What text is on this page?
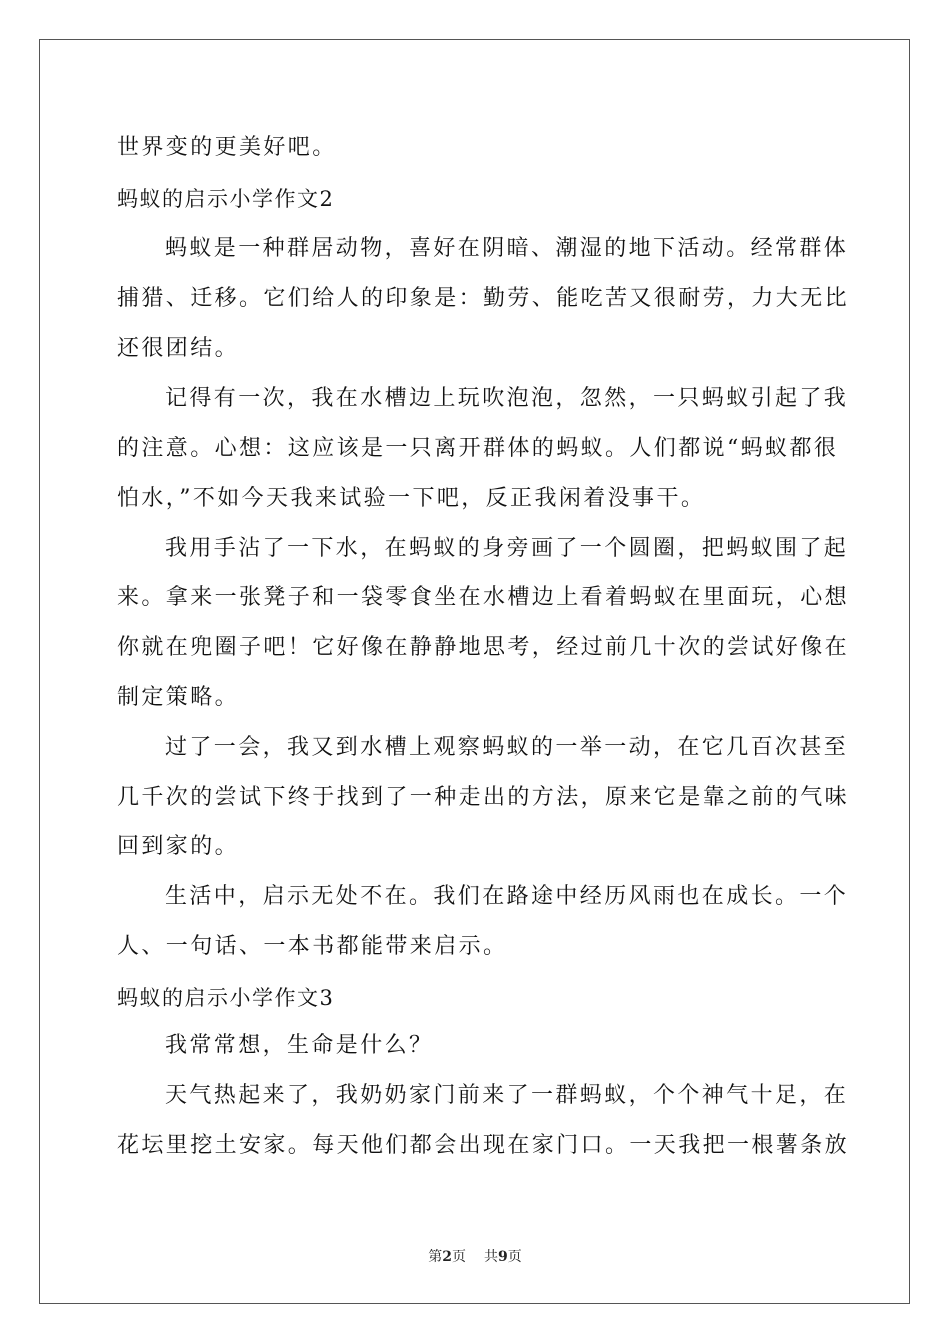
世界变的更美好吧。
蚂蚁的启示小学作文2
蚂蚁是一种群居动物，喜好在阴暗、潮湿的地下活动。经常群体
捕猎、迁移。它们给人的印象是：勤劳、能吃苦又很耐劳，力大无比
还很团结。
记得有一次，我在水槽边上玩吹泡泡，忽然，一只蚂蚁引起了我
的注意。心想：这应该是一只离开群体的蚂蚁。人们都说“蚂蚁都很
怕水，”不如今天我来试验一下吧，反正我闲着没事干。
我用手沾了一下水，在蚂蚁的身旁画了一个圆圈，把蚂蚁围了起
来。拿来一张凳子和一袋零食坐在水槽边上看着蚂蚁在里面玩，心想
你就在兜圈子吧！它好像在静静地思考，经过前几十次的尝试好像在
制定策略。
过了一会，我又到水槽上观察蚂蚁的一举一动，在它几百次甚至
几千次的尝试下终于找到了一种走出的方法，原来它是靠之前的气味
回到家的。
生活中，启示无处不在。我们在路途中经历风雨也在成长。一个
人、一句话、一本书都能带来启示。
蚂蚁的启示小学作文3
我常常想，生命是什么？
天气热起来了，我奶奶家门前来了一群蚂蚁，个个神气十足，在
花坛里挖土安家。每天他们都会出现在家门口。一天我把一根薯条放
第2页 共9页
